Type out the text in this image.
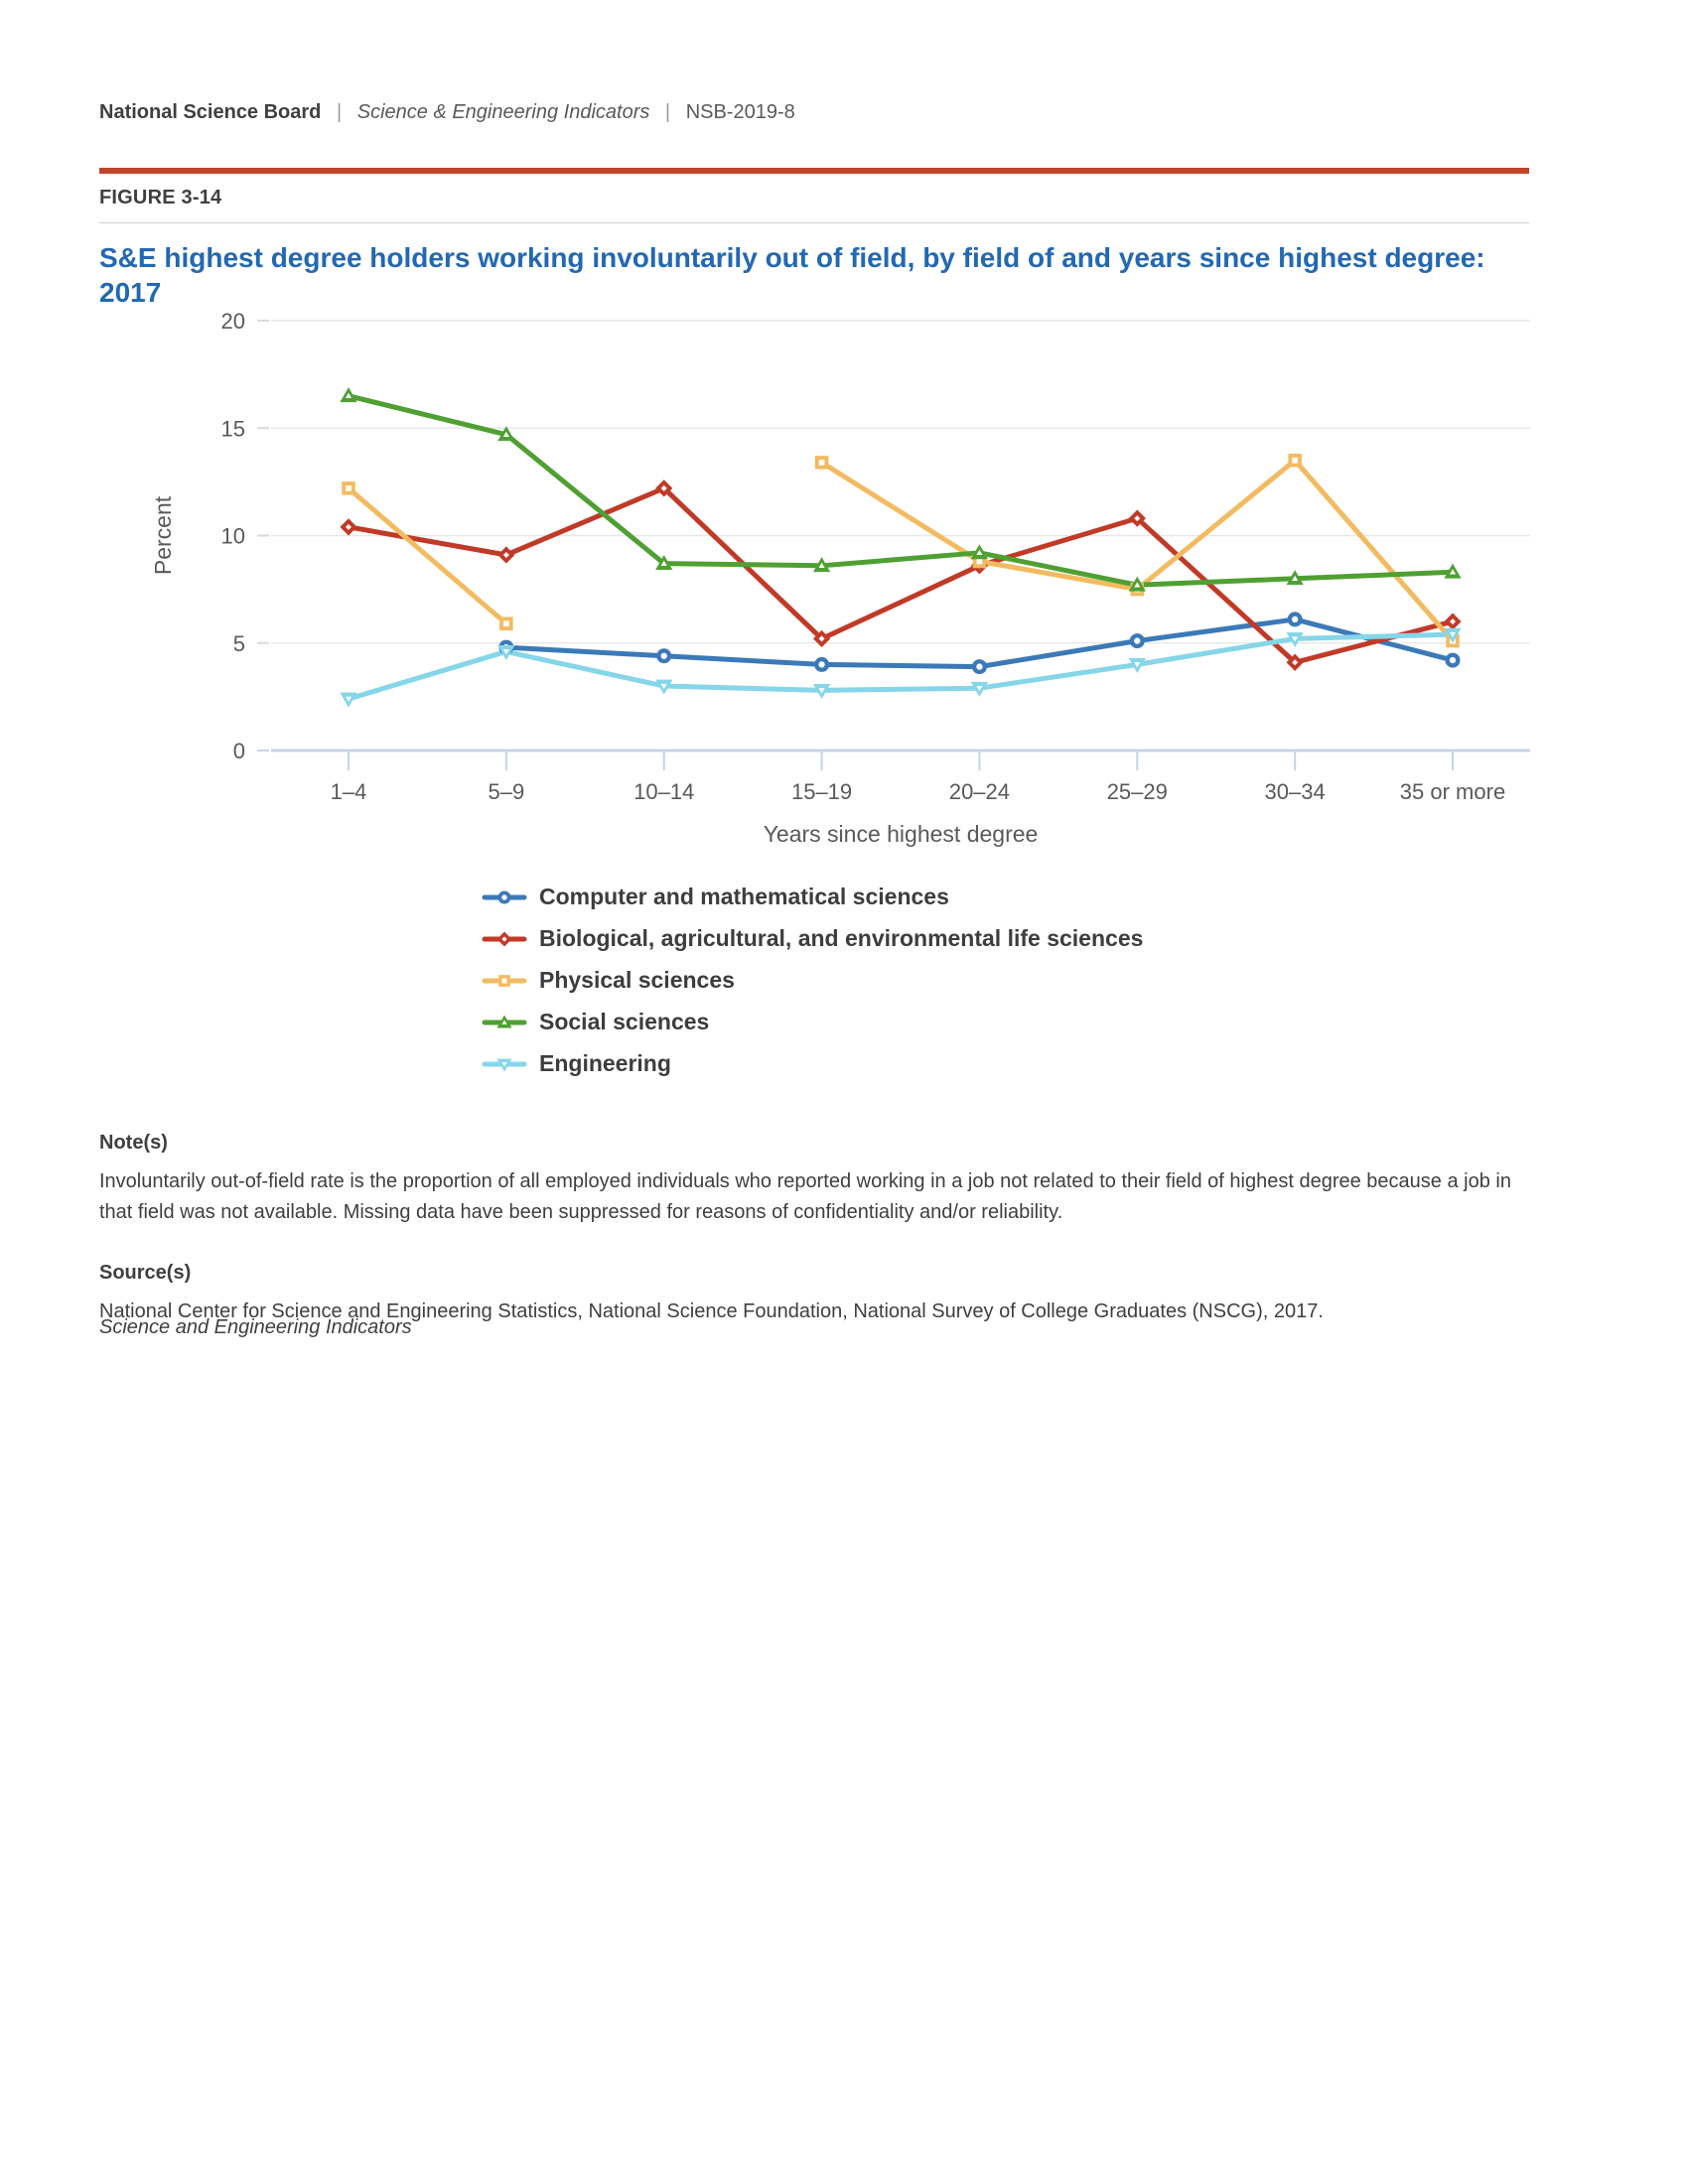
National Science Board | Science & Engineering Indicators | NSB-2019-8
FIGURE 3-14
S&E highest degree holders working involuntarily out of field, by field of and years since highest degree: 2017
0
5
10
15
20
1–4	5–9	10–14	15–19	20–24	25–29	30–34	35 or more
Years since highest degree
Percent
Computer and mathematical sciences
Biological, agricultural, and environmental life sciences
Physical sciences
Social sciences
Engineering

Note(s)

Involuntarily out-of-field rate is the proportion of all employed individuals who reported working in a job not related to their field of highest degree because a job in that field was not available. Missing data have been suppressed for reasons of confidentiality and/or reliability.

Source(s)

National Center for Science and Engineering Statistics, National Science Foundation, National Survey of College Graduates (NSCG), 2017.

Science and Engineering Indicators
